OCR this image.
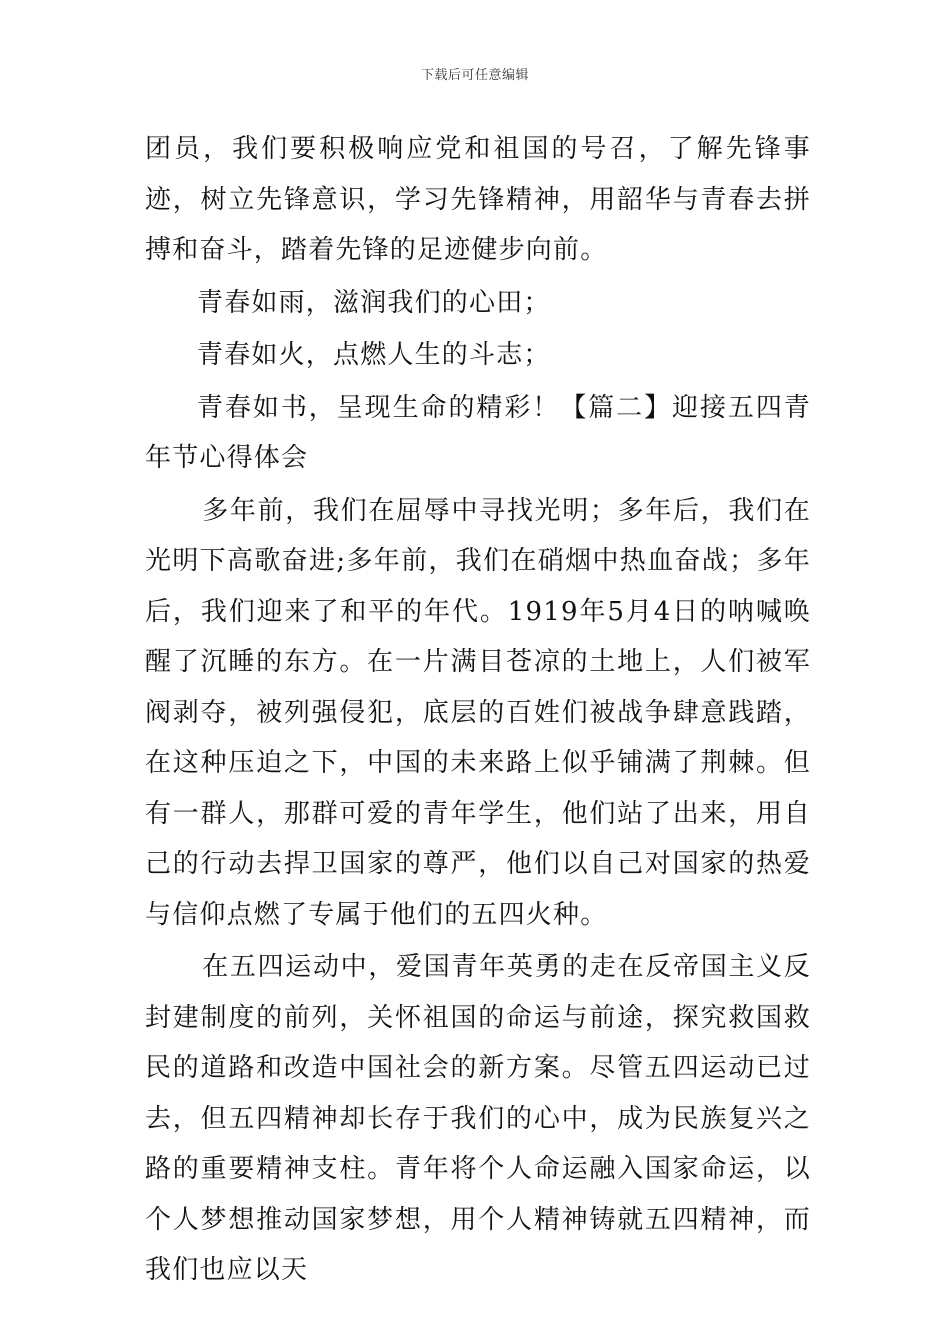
下载后可任意编辑

团员，我们要积极响应党和祖国的号召，了解先锋事迹，树立先锋意识，学习先锋精神，用韶华与青春去拼搏和奋斗，踏着先锋的足迹健步向前。

青春如雨，滋润我们的心田；

青春如火，点燃人生的斗志；

青春如书，呈现生命的精彩！【篇二】迎接五四青年节心得体会

多年前，我们在屈辱中寻找光明；多年后，我们在光明下高歌奋进;多年前，我们在硝烟中热血奋战；多年后，我们迎来了和平的年代。1919年5月4日的呐喊唤醒了沉睡的东方。在一片满目苍凉的土地上，人们被军阀剥夺，被列强侵犯，底层的百姓们被战争肆意践踏，在这种压迫之下，中国的未来路上似乎铺满了荆棘。但有一群人，那群可爱的青年学生，他们站了出来，用自己的行动去捍卫国家的尊严，他们以自己对国家的热爱与信仰点燃了专属于他们的五四火种。

在五四运动中，爱国青年英勇的走在反帝国主义反封建制度的前列，关怀祖国的命运与前途，探究救国救民的道路和改造中国社会的新方案。尽管五四运动已过去，但五四精神却长存于我们的心中，成为民族复兴之路的重要精神支柱。青年将个人命运融入国家命运，以个人梦想推动国家梦想，用个人精神铸就五四精神，而我们也应以天
